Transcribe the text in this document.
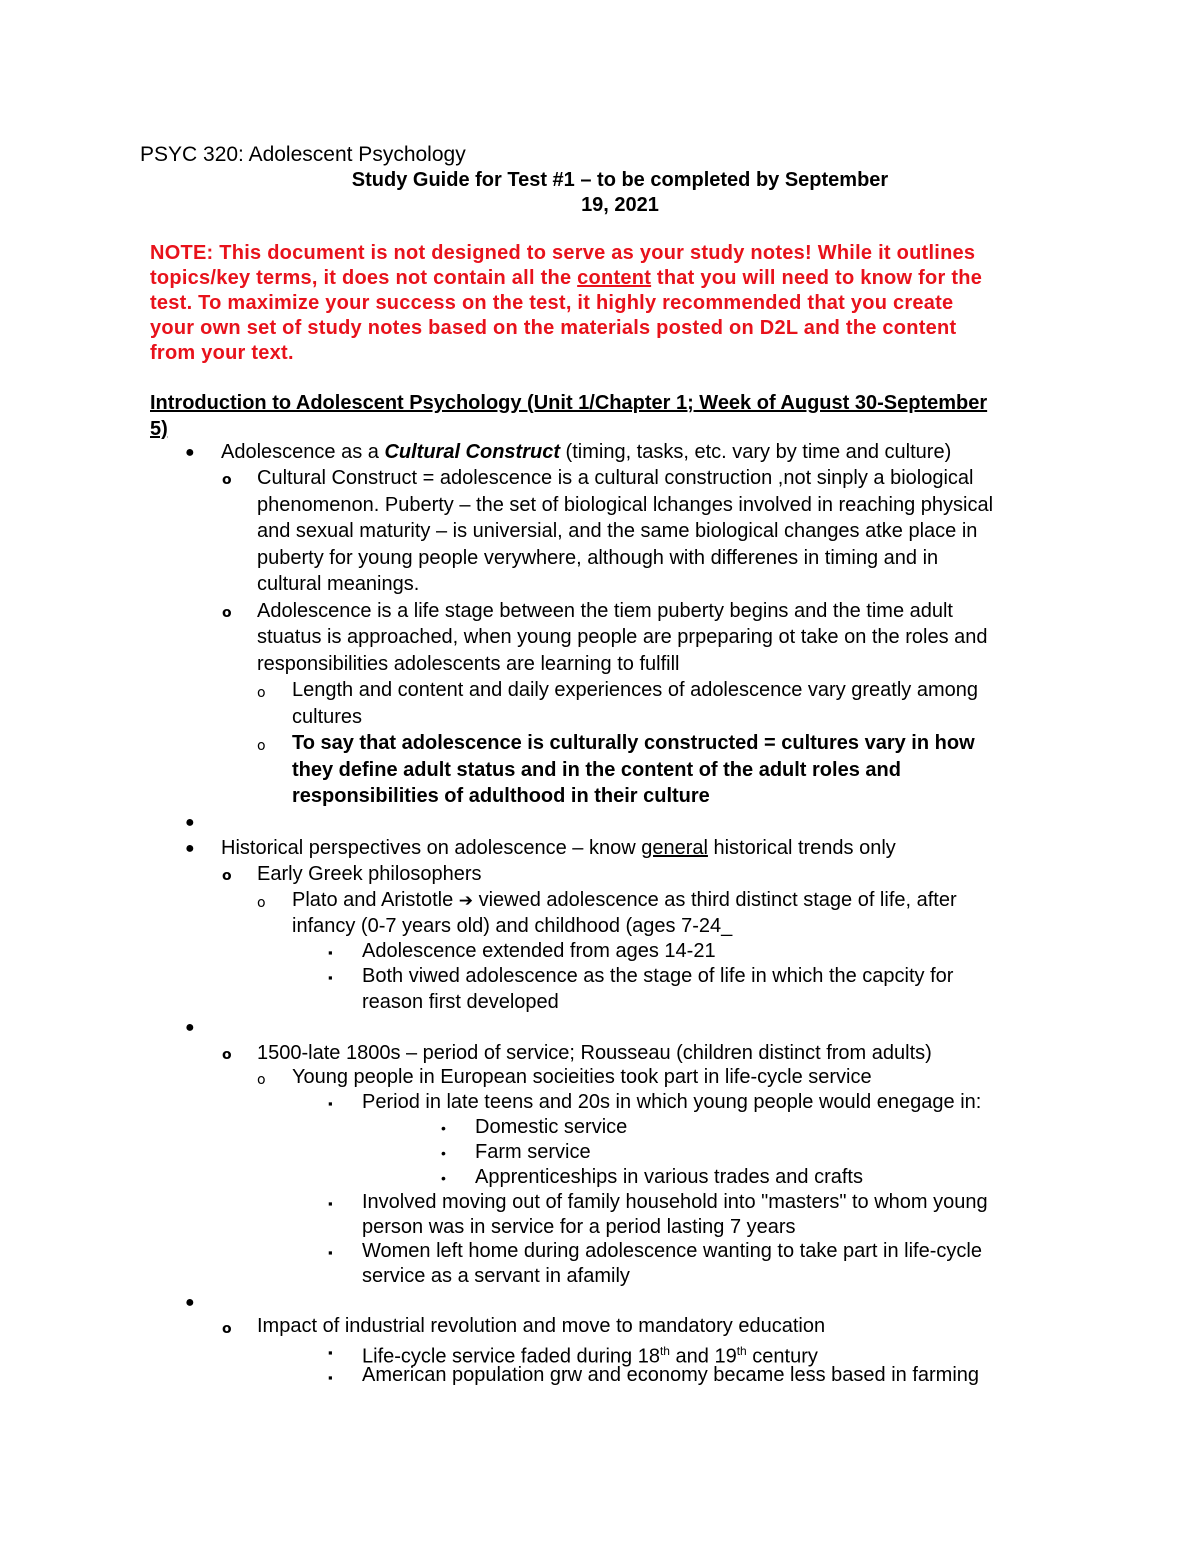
PSYC 320: Adolescent Psychology
Study Guide for Test #1 – to be completed by September
19, 2021
NOTE: This document is not designed to serve as your study notes! While it outlines
topics/key terms, it does not contain all the content that you will need to know for the
test. To maximize your success on the test, it highly recommended that you create
your own set of study notes based on the materials posted on D2L and the content
from your text.
Introduction to Adolescent Psychology (Unit 1/Chapter 1; Week of August 30-September
5)
● Adolescence as a Cultural Construct (timing, tasks, etc. vary by time and culture)
o Cultural Construct = adolescence is a cultural construction ,not sinply a biological
phenomenon. Puberty – the set of biological lchanges involved in reaching physical
and sexual maturity – is universial, and the same biological changes atke place in
puberty for young people verywhere, although with differenes in timing and in
cultural meanings.
o Adolescence is a life stage between the tiem puberty begins and the time adult
stuatus is approached, when young people are prpeparing ot take on the roles and
responsibilities adolescents are learning to fulfill
o Length and content and daily experiences of adolescence vary greatly among
cultures
o To say that adolescence is culturally constructed = cultures vary in how
they define adult status and in the content of the adult roles and
responsibilities of adulthood in their culture
●
● Historical perspectives on adolescence – know general historical trends only
o Early Greek philosophers
o Plato and Aristotle ➔ viewed adolescence as third distinct stage of life, after
infancy (0-7 years old) and childhood (ages 7-24_
▪ Adolescence extended from ages 14-21
▪ Both viwed adolescence as the stage of life in which the capcity for
reason first developed
●
o 1500-late 1800s – period of service; Rousseau (children distinct from adults)
o Young people in European socieities took part in life-cycle service
▪ Period in late teens and 20s in which young people would enegage in:
• Domestic service
• Farm service
• Apprenticeships in various trades and crafts
▪ Involved moving out of family household into "masters" to whom young
person was in service for a period lasting 7 years
▪ Women left home during adolescence wanting to take part in life-cycle
service as a servant in afamily
●
o Impact of industrial revolution and move to mandatory education
▪ Life-cycle service faded during 18th and 19th century
▪ American population grw and economy became less based in farming
